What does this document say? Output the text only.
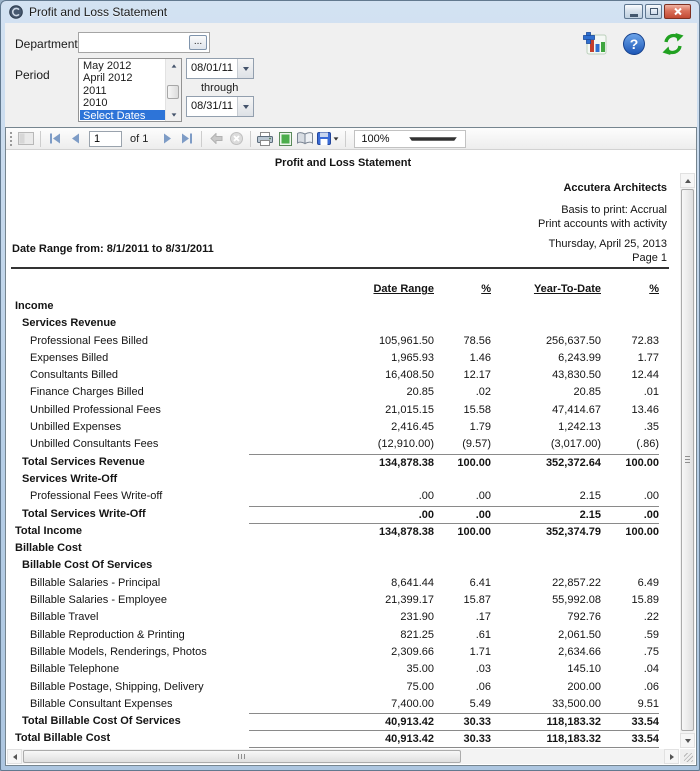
Profit and Loss Statement
Department	...	?
Period
May 2012
April 2012
2011
2010
Select Dates
08/01/11
through
08/31/11
1
of 1	100%
Profit and Loss Statement
Accutera Architects
Basis to print: Accrual
Print accounts with activity
Thursday, April 25, 2013
Date Range from: 8/1/2011 to 8/31/2011
Page 1
Date Range	%	Year-To-Date	%
Income
Services Revenue
Professional Fees Billed	105,961.50	78.56	256,637.50	72.83
Expenses Billed	1,965.93	1.46	6,243.99	1.77
Consultants Billed	16,408.50	12.17	43,830.50	12.44
Finance Charges Billed	20.85	.02	20.85	.01
Unbilled Professional Fees	21,015.15	15.58	47,414.67	13.46
Unbilled Expenses	2,416.45	1.79	1,242.13	.35
Unbilled Consultants Fees	(12,910.00)	(9.57)	(3,017.00)	(.86)
Total Services Revenue	134,878.38	100.00	352,372.64	100.00
Services Write-Off
Professional Fees Write-off	.00	.00	2.15	.00
Total Services Write-Off	.00	.00	2.15	.00
Total Income	134,878.38	100.00	352,374.79	100.00
Billable Cost
Billable Cost Of Services
Billable Salaries - Principal	8,641.44	6.41	22,857.22	6.49
Billable Salaries - Employee	21,399.17	15.87	55,992.08	15.89
Billable Travel	231.90	.17	792.76	.22
Billable Reproduction & Printing	821.25	.61	2,061.50	.59
Billable Models, Renderings, Photos	2,309.66	1.71	2,634.66	.75
Billable Telephone	35.00	.03	145.10	.04
Billable Postage, Shipping, Delivery	75.00	.06	200.00	.06
Billable Consultant Expenses	7,400.00	5.49	33,500.00	9.51
Total Billable Cost Of Services	40,913.42	30.33	118,183.32	33.54
Total Billable Cost	40,913.42	30.33	118,183.32	33.54
